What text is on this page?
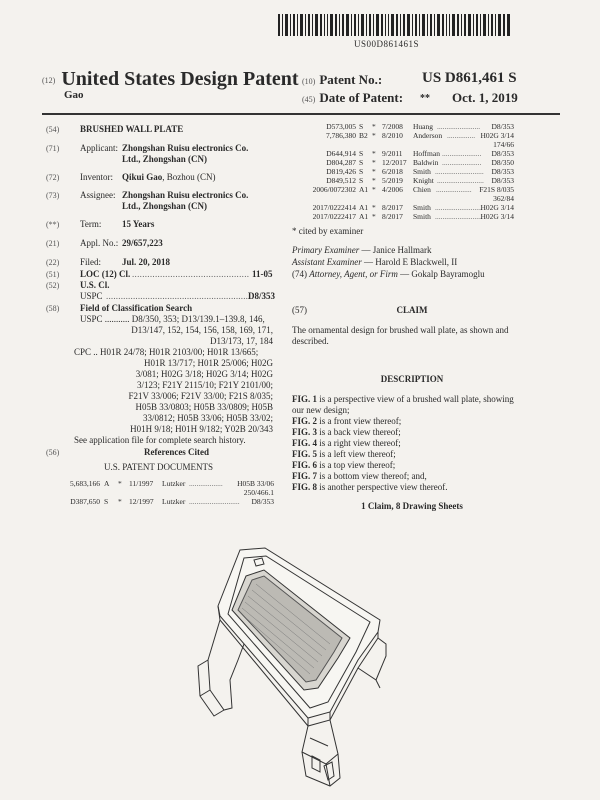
US00D861461S
(12) United States Design Patent
Gao
(10) Patent No.:	US D861,461 S
(45) Date of Patent: ** Oct. 1, 2019
(54)	BRUSHED WALL PLATE
(71)	Applicant: Zhongshan Ruisu electronics Co.
Ltd., Zhongshan (CN)
(72)	Inventor: Qikui Gao, Bozhou (CN)
(73)	Assignee: Zhongshan Ruisu electronics Co.
Ltd., Zhongshan (CN)
(**)	Term: 15 Years
(21)	Appl. No.: 29/657,223
(22)	Filed: Jul. 20, 2018
(51)	LOC (12) Cl. .............................................. 11-05
(52)	U.S. Cl.
USPC ...........................................................
D8/353
(58)	Field of Classification Search
USPC ........... D8/350, 353; D13/139.1–139.8, 146,
D13/147, 152, 154, 156, 158, 169, 171,
D13/173, 17, 184
CPC .. H01R 24/78; H01R 2103/00; H01R 13/665;
H01R 13/717; H01R 25/006; H02G
3/081; H02G 3/18; H02G 3/14; H02G
3/123; F21Y 2115/10; F21Y 2101/00;
F21V 33/006; F21V 33/00; F21S 8/035;
H05B 33/0803; H05B 33/0809; H05B
33/0812; H05B 33/06; H05B 33/02;
H01H 9/18; H01H 9/182; Y02B 20/343
See application file for complete search history.
(56)	References Cited
U.S. PATENT DOCUMENTS
5,683,166 A * 11/1997 Lutzker ..................	H05B 33/06
250/466.1
D387,650 S * 12/1997 Lutzker ...........................	D8/353
D573,005 S * 7/2008 Huang .......................	D8/353
7,786,380 B2 * 8/2010 Anderson ............... H02G 3/14
174/66
D644,914 S * 9/2011 Hoffman .....................	D8/353
D804,287 S * 12/2017 Baldwin .....................	D8/350
D819,426 S * 6/2018 Smith ..........................	D8/353
D849,512 S * 5/2019 Knight .........................	D8/353
2006/0072302 A1 * 4/2006 Chien ...................	F21S 8/035
362/84
2017/0222414 A1 * 8/2017 Smith .........................
H02G 3/14
2017/0222417 A1 * 8/2017 Smith .........................
H02G 3/14
* cited by examiner
Primary Examiner — Janice Hallmark
Assistant Examiner — Harold E Blackwell, II
(74) Attorney, Agent, or Firm — Gokalp Bayramoglu
(57)	CLAIM
The ornamental design for brushed wall plate, as shown and
described.
DESCRIPTION
FIG. 1 is a perspective view of a brushed wall plate, showing
our new design;
FIG. 2 is a front view thereof;
FIG. 3 is a back view thereof;
FIG. 4 is a right view thereof;
FIG. 5 is a left view thereof;
FIG. 6 is a top view thereof;
FIG. 7 is a bottom view thereof; and,
FIG. 8 is another perspective view thereof.
1 Claim, 8 Drawing Sheets
